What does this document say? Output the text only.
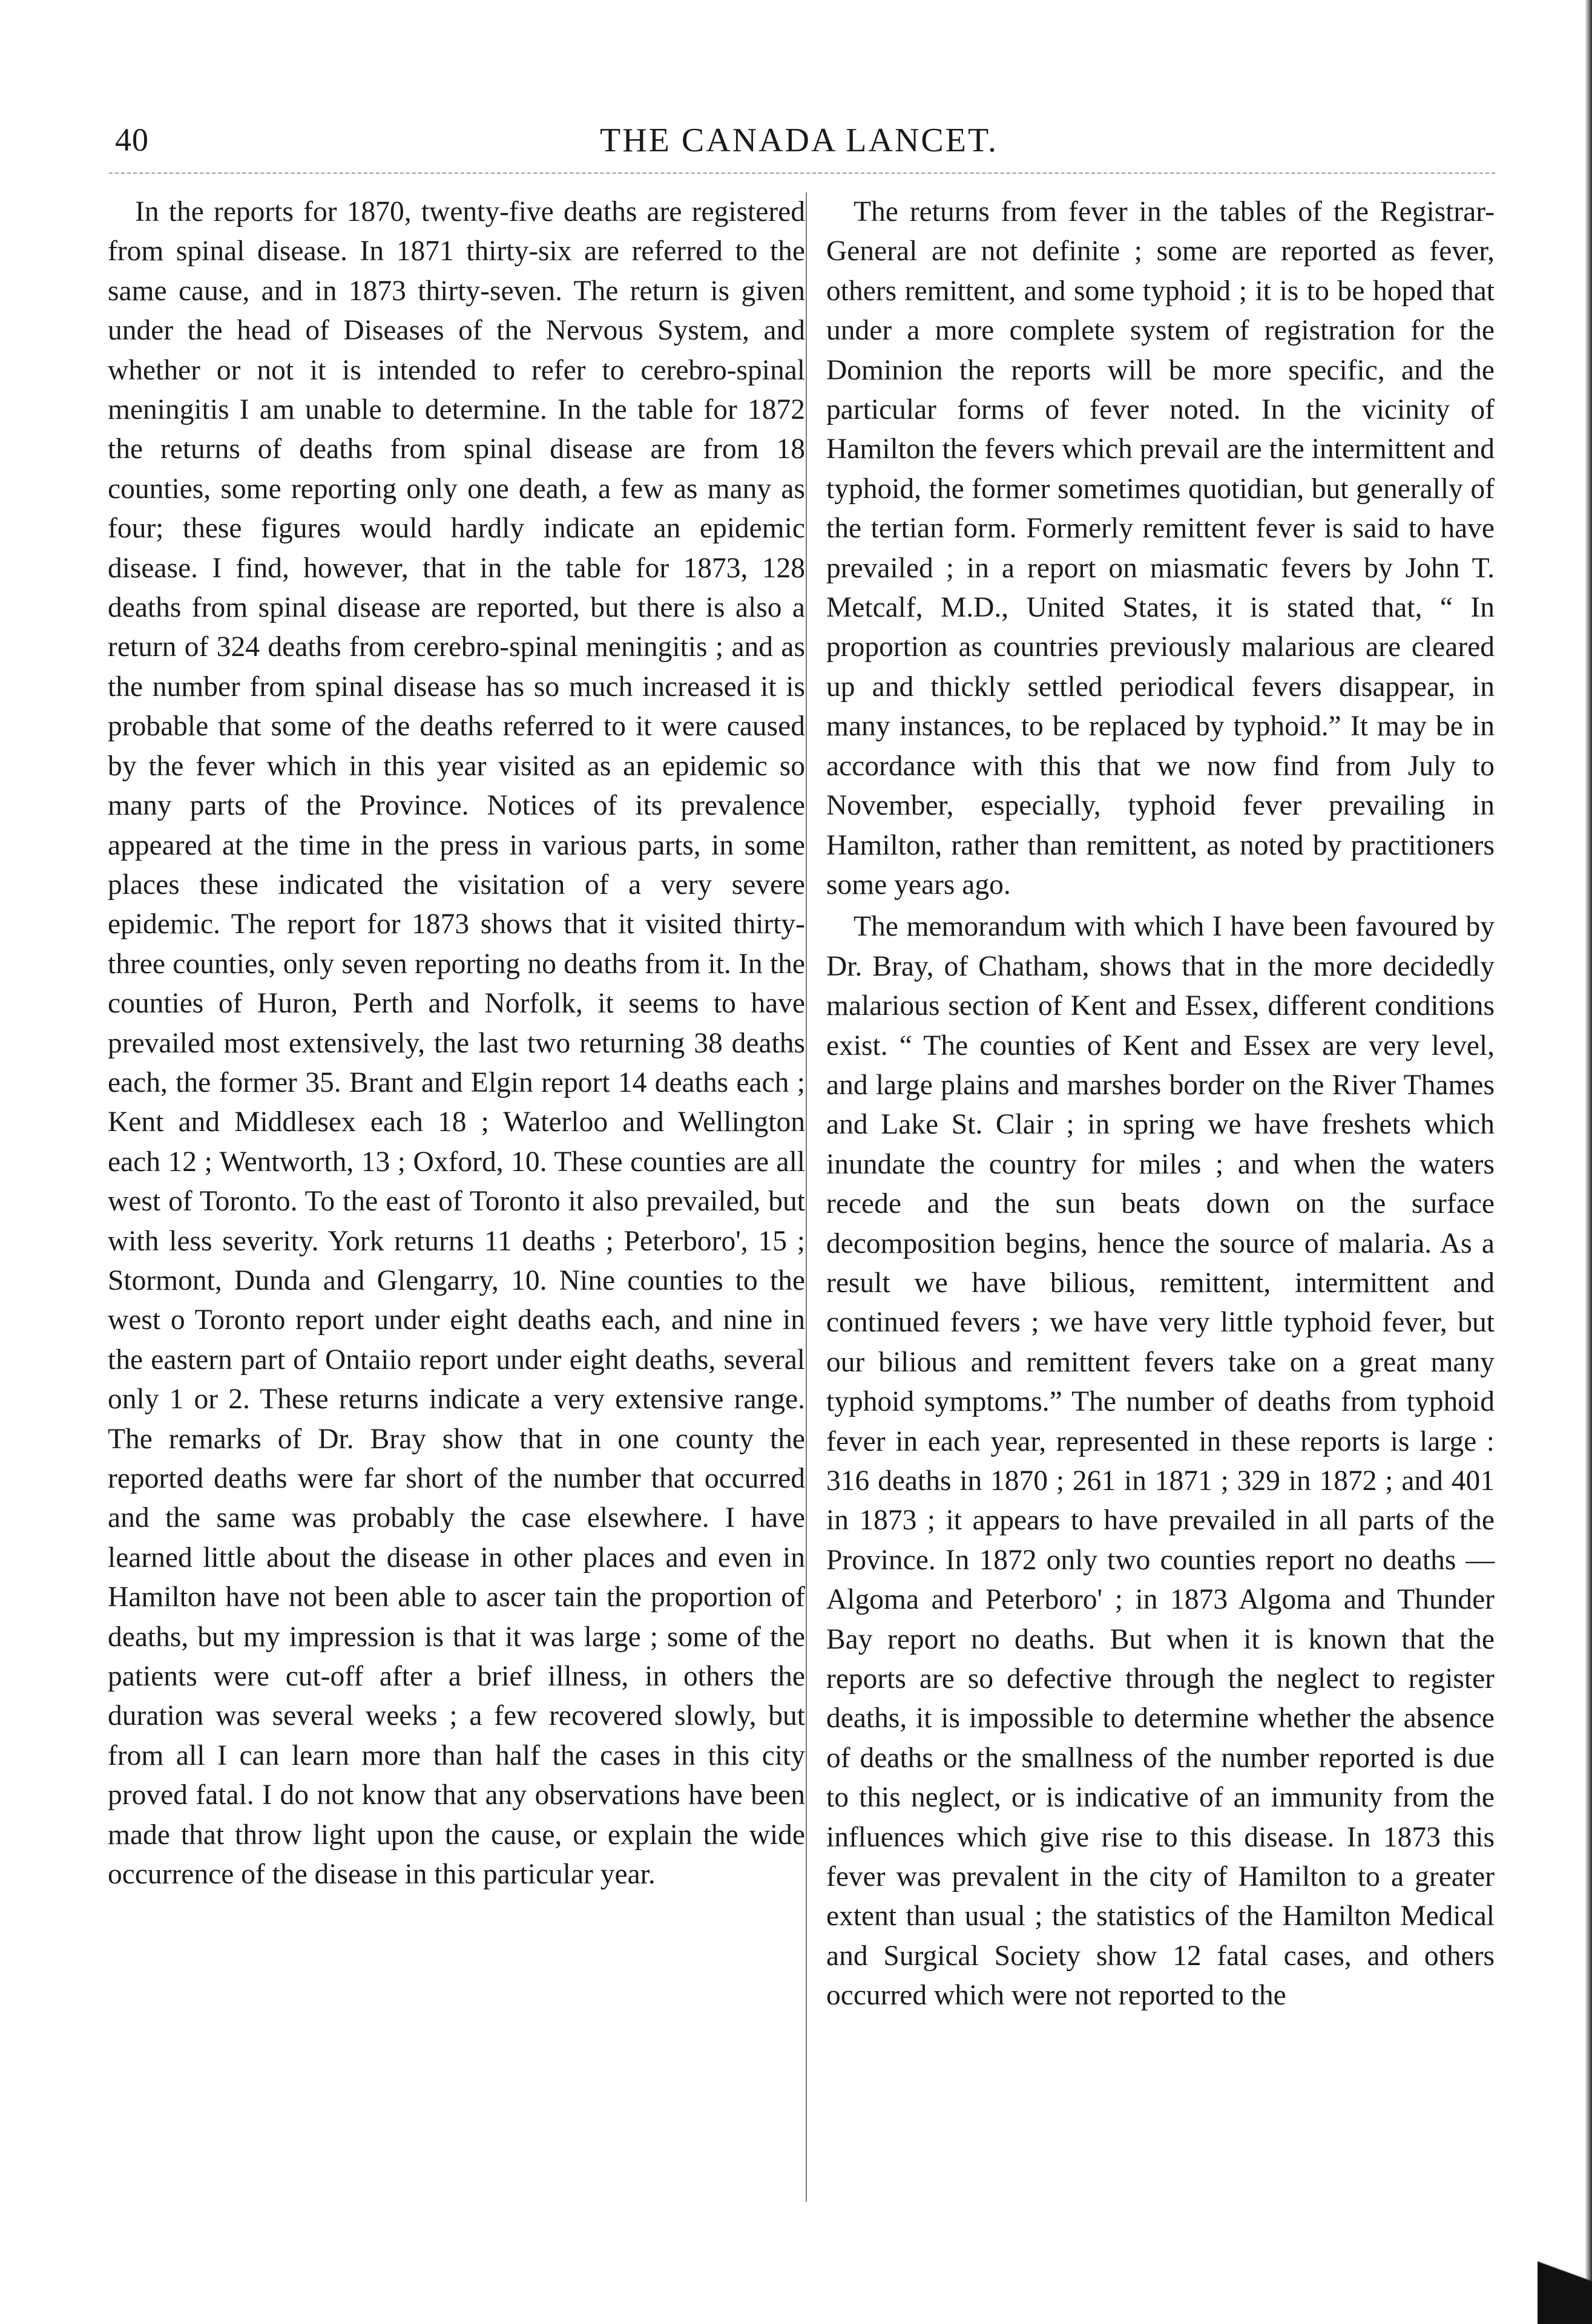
40	THE CANADA LANCET.

In the reports for 1870, twenty-five deaths are registered from spinal disease. In 1871 thirty-six are referred to the same cause, and in 1873 thirty-seven. The return is given under the head of Diseases of the Nervous System, and whether or not it is intended to refer to cerebro-spinal meningitis I am unable to determine. In the table for 1872 the returns of deaths from spinal disease are from 18 counties, some reporting only one death, a few as many as four; these figures would hardly indicate an epidemic disease. I find, however, that in the table for 1873, 128 deaths from spinal disease are reported, but there is also a return of 324 deaths from cerebro-spinal meningitis ; and as the number from spinal disease has so much increased it is probable that some of the deaths referred to it were caused by the fever which in this year visited as an epidemic so many parts of the Province. Notices of its prevalence appeared at the time in the press in various parts, in some places these indicated the visitation of a very severe epidemic. The report for 1873 shows that it visited thirty-three counties, only seven reporting no deaths from it. In the counties of Huron, Perth and Norfolk, it seems to have prevailed most extensively, the last two returning 38 deaths each, the former 35. Brant and Elgin report 14 deaths each ; Kent and Middlesex each 18 ; Waterloo and Wellington each 12 ; Wentworth, 13 ; Oxford, 10. These counties are all west of Toronto. To the east of Toronto it also prevailed, but with less severity. York returns 11 deaths ; Peterboro', 15 ; Stormont, Dunda and Glengarry, 10. Nine counties to the west o Toronto report under eight deaths each, and nine in the eastern part of Ontaiio report under eight deaths, several only 1 or 2. These returns indicate a very extensive range. The remarks of Dr. Bray show that in one county the reported deaths were far short of the number that occurred and the same was probably the case elsewhere. I have learned little about the disease in other places and even in Hamilton have not been able to ascer tain the proportion of deaths, but my impression is that it was large ; some of the patients were cut-off after a brief illness, in others the duration was several weeks ; a few recovered slowly, but from all I can learn more than half the cases in this city proved fatal. I do not know that any observations have been made that throw light upon the cause, or explain the wide occurrence of the disease in this particular year.

The returns from fever in the tables of the Registrar-General are not definite ; some are reported as fever, others remittent, and some typhoid ; it is to be hoped that under a more complete system of registration for the Dominion the reports will be more specific, and the particular forms of fever noted. In the vicinity of Hamilton the fevers which prevail are the intermittent and typhoid, the former sometimes quotidian, but generally of the tertian form. Formerly remittent fever is said to have prevailed ; in a report on miasmatic fevers by John T. Metcalf, M.D., United States, it is stated that, “ In proportion as countries previously malarious are cleared up and thickly settled periodical fevers disappear, in many instances, to be replaced by typhoid.” It may be in accordance with this that we now find from July to November, especially, typhoid fever prevailing in Hamilton, rather than remittent, as noted by practitioners some years ago.

The memorandum with which I have been favoured by Dr. Bray, of Chatham, shows that in the more decidedly malarious section of Kent and Essex, different conditions exist. “ The counties of Kent and Essex are very level, and large plains and marshes border on the River Thames and Lake St. Clair ; in spring we have freshets which inundate the country for miles ; and when the waters recede and the sun beats down on the surface decomposition begins, hence the source of malaria. As a result we have bilious, remittent, intermittent and continued fevers ; we have very little typhoid fever, but our bilious and remittent fevers take on a great many typhoid symptoms.” The number of deaths from typhoid fever in each year, represented in these reports is large : 316 deaths in 1870 ; 261 in 1871 ; 329 in 1872 ; and 401 in 1873 ; it appears to have prevailed in all parts of the Province. In 1872 only two counties report no deaths —Algoma and Peterboro' ; in 1873 Algoma and Thunder Bay report no deaths. But when it is known that the reports are so defective through the neglect to register deaths, it is impossible to determine whether the absence of deaths or the smallness of the number reported is due to this neglect, or is indicative of an immunity from the influences which give rise to this disease. In 1873 this fever was prevalent in the city of Hamilton to a greater extent than usual ; the statistics of the Hamilton Medical and Surgical Society show 12 fatal cases, and others occurred which were not reported to the
